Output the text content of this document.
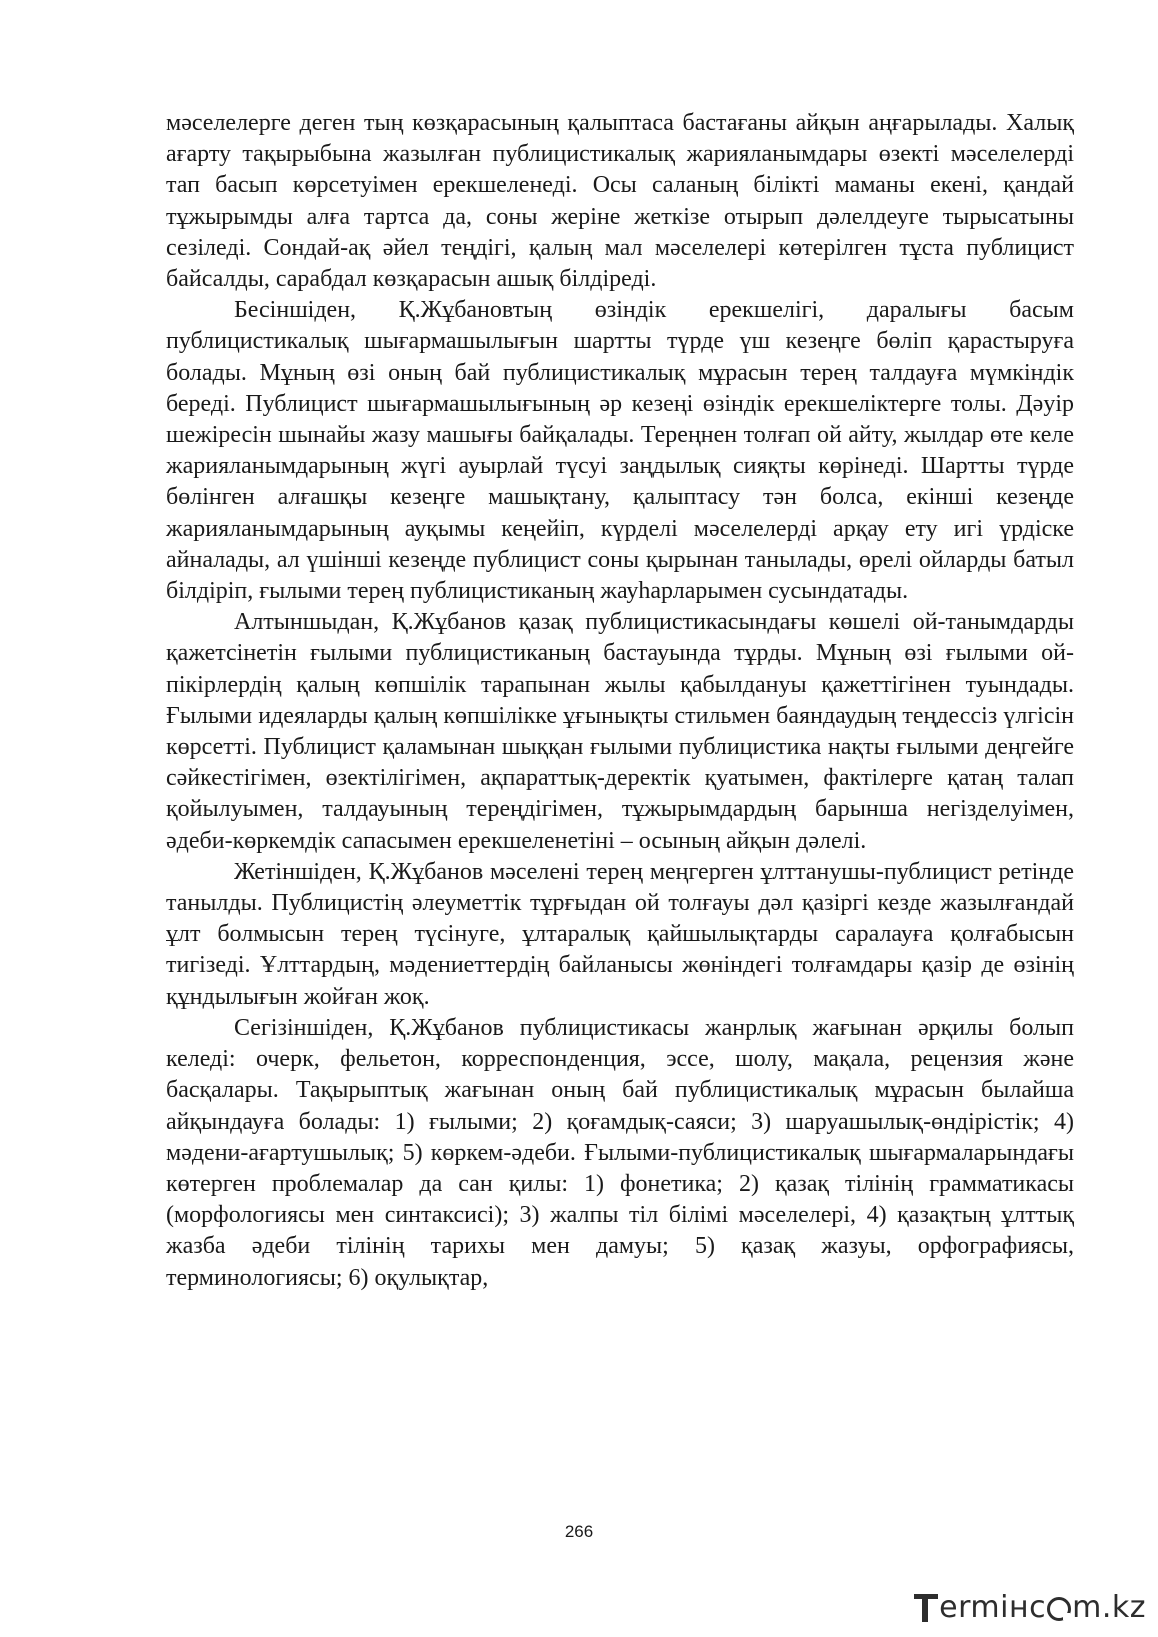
мәселелерге деген тың көзқарасының қалыптаса бастағаны айқын аңғарылады. Халық ағарту тақырыбына жазылған публицистикалық жарияланымдары өзекті мәселелерді тап басып көрсетуімен ерекшеленеді. Осы саланың білікті маманы екені, қандай тұжырымды алға тартса да, соны жеріне жеткізе отырып дәлелдеуге тырысатыны сезіледі. Сондай-ақ әйел теңдігі, қалың мал мәселелері көтерілген тұста публицист байсалды, сарабдал көзқарасын ашық білдіреді.

Бесіншіден, Қ.Жұбановтың өзіндік ерекшелігі, даралығы басым публицистикалық шығармашылығын шартты түрде үш кезеңге бөліп қарастыруға болады. Мұның өзі оның бай публицистикалық мұрасын терең талдауға мүмкіндік береді. Публицист шығармашылығының әр кезеңі өзіндік ерекшеліктерге толы. Дәуір шежіресін шынайы жазу машығы байқалады. Тереңнен толғап ой айту, жылдар өте келе жарияланымдарының жүгі ауырлай түсуі заңдылық сияқты көрінеді. Шартты түрде бөлінген алғашқы кезеңге машықтану, қалыптасу тән болса, екінші кезеңде жарияланымдарының ауқымы кеңейіп, күрделі мәселелерді арқау ету игі үрдіске айналады, ал үшінші кезеңде публицист соны қырынан танылады, өрелі ойларды батыл білдіріп, ғылыми терең публицистиканың жауһарларымен сусындатады.

Алтыншыдан, Қ.Жұбанов қазақ публицистикасындағы көшелі ой-танымдарды қажетсінетін ғылыми публицистиканың бастауында тұрды. Мұның өзі ғылыми ой-пікірлердің қалың көпшілік тарапынан жылы қабылдануы қажеттігінен туындады. Ғылыми идеяларды қалың көпшілікке ұғынықты стильмен баяндаудың теңдессіз үлгісін көрсетті. Публицист қаламынан шыққан ғылыми публицистика нақты ғылыми деңгейге сәйкестігімен, өзектілігімен, ақпараттық-деректік қуатымен, фактілерге қатаң талап қойылуымен, талдауының тереңдігімен, тұжырымдардың барынша негізделуімен, әдеби-көркемдік сапасымен ерекшеленетіні – осының айқын дәлелі.

Жетіншіден, Қ.Жұбанов мәселені терең меңгерген ұлттанушы-публицист ретінде танылды. Публицистің әлеуметтік тұрғыдан ой толғауы дәл қазіргі кезде жазылғандай ұлт болмысын терең түсінуге, ұлтаралық қайшылықтарды саралауға қолғабысын тигізеді. Ұлттардың, мәдениеттердің байланысы жөніндегі толғамдары қазір де өзінің құндылығын жойған жоқ.

Сегізіншіден, Қ.Жұбанов публицистикасы жанрлық жағынан әрқилы болып келеді: очерк, фельетон, корреспонденция, эссе, шолу, мақала, рецензия және басқалары. Тақырыптық жағынан оның бай публицистикалық мұрасын былайша айқындауға болады: 1) ғылыми; 2) қоғамдық-саяси; 3) шаруашылық-өндірістік; 4) мәдени-ағартушылық; 5) көркем-әдеби. Ғылыми-публицистикалық шығармаларындағы көтерген проблемалар да сан қилы: 1) фонетика; 2) қазақ тілінің грамматикасы (морфологиясы мен синтаксисі); 3) жалпы тіл білімі мәселелері, 4) қазақтың ұлттық жазба әдеби тілінің тарихы мен дамуы; 5) қазақ жазуы, орфографиясы, терминологиясы; 6) оқулықтар,

266
ermінc m.kz
